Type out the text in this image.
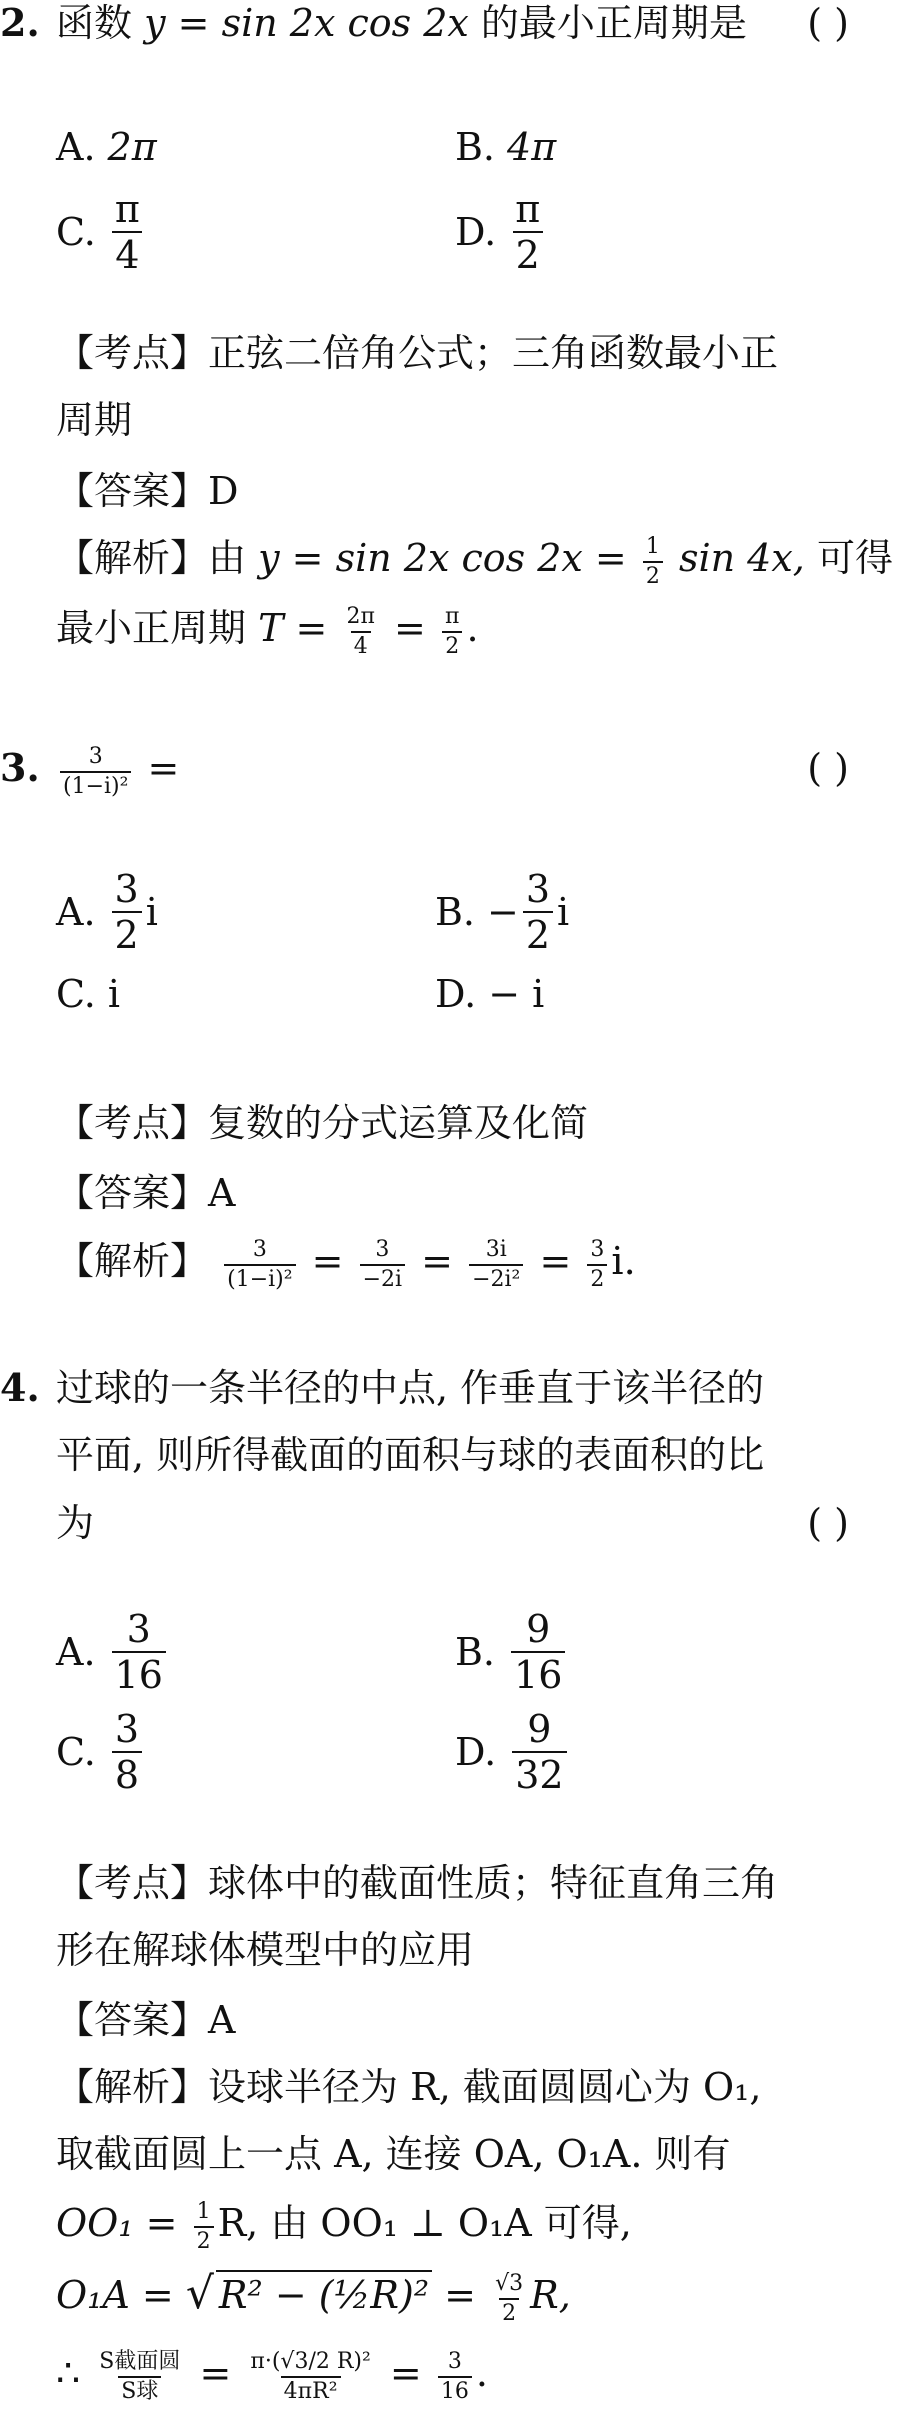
2. 函数 y = sin 2x cos 2x 的最小正周期是 ( )
A. 2π	B. 4π
C. $\frac{\pi}{4}$	D. $\frac{\pi}{2}$
【考点】正弦二倍角公式；三角函数最小正
周期
【答案】D
【解析】由 y = sin 2x $\cos 2x = \frac{1}{2}$ sin 4x, 可得
最小正周期 $T = \frac{2\pi}{4} = \frac{\pi}{2}$ .
3. $\frac{3}{\text{(1−i)²}}$ =	( )
A. $\frac{3}{2}$ i	B. − $\frac{3}{2}$ i
C. i	D. − i
【考点】复数的分式运算及化简
【答案】A
【解析】 $\frac{3}{\text{(1−i)²}} = \frac{3}{-2i} = \frac{3i}{\text{−2i²}} = \frac{3}{2} i$.
4. 过球的一条半径的中点, 作垂直于该半径的
平面, 则所得截面的面积与球的表面积的比
为	( )
A. $\frac{3}{16}$	B. $\frac{9}{16}$
C. $\frac{3}{8}$	D. $\frac{9}{32}$
【考点】球体中的截面性质；特征直角三角
形在解球体模型中的应用
【答案】A
【解析】设球半径为 R, 截面圆圆心为 O₁,
取截面圆上一点 A, 连接 OA, O₁A. 则有
$OO_1 = \frac{1}{2} R$, 由 OO₁ ⊥ O₁A 可得,
O₁A = √ R² − (½R)² = $\frac{√3}{2} R$,
∴ $\frac{\text{S截面圆}}{\text{S球}} = \frac{\text{π·(√3/2 R)²}}{\text{4πR²}} = \frac{3}{16}$ .
